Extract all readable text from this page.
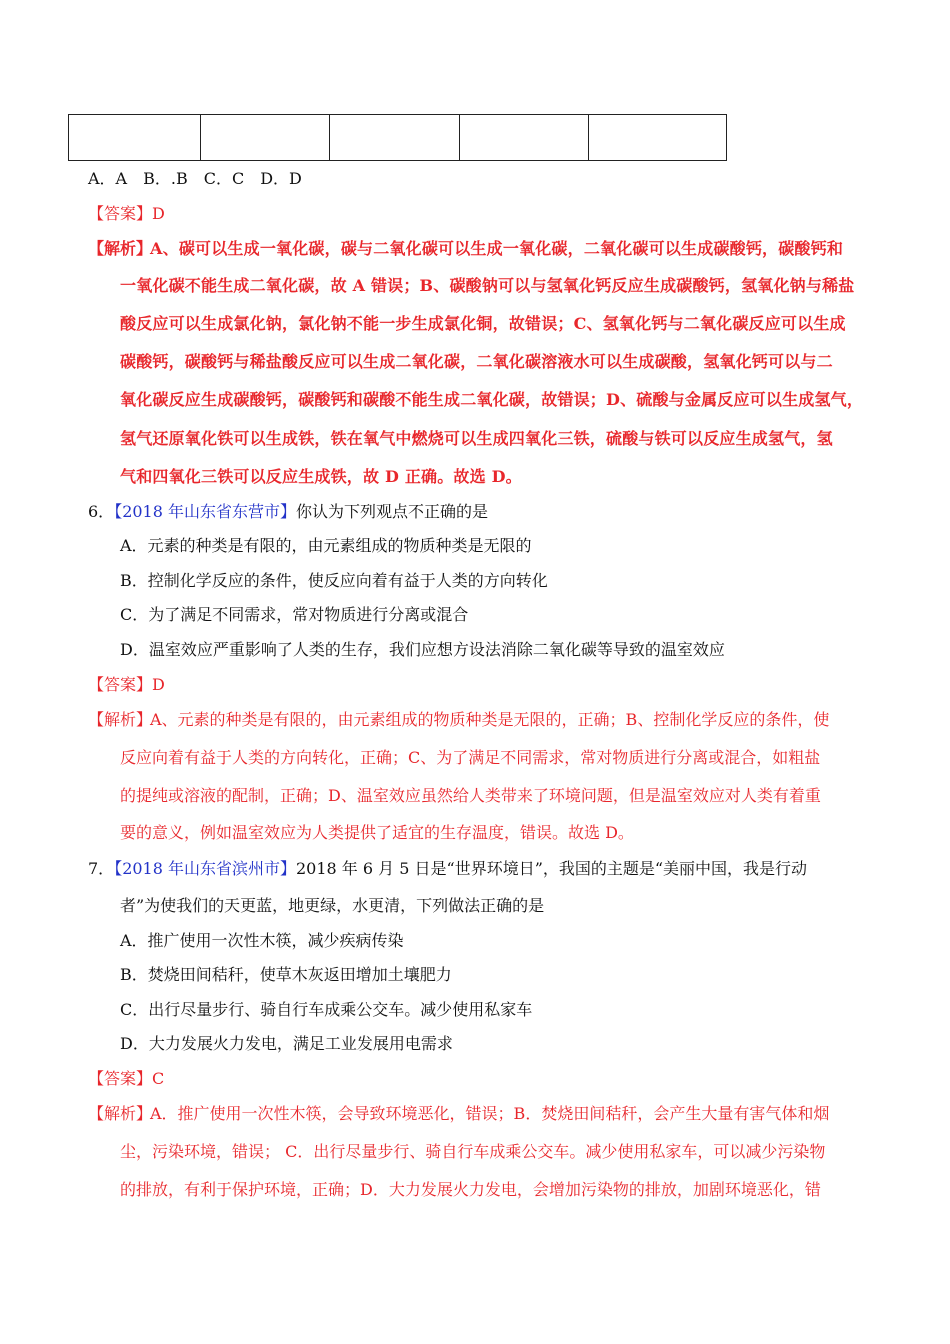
A．A　B．.B　C．C　D．D
【答案】D
【解析】
A、碳可以生成一氧化碳，碳与二氧化碳可以生成一氧化碳，二氧化碳可以生成碳酸钙，碳酸钙和
一氧化碳不能生成二氧化碳，故 A 错误；B、碳酸钠可以与氢氧化钙反应生成碳酸钙，氢氧化钠与稀盐
酸反应可以生成氯化钠，氯化钠不能一步生成氯化铜，故错误；C、氢氧化钙与二氧化碳反应可以生成
碳酸钙，碳酸钙与稀盐酸反应可以生成二氧化碳，二氧化碳溶液水可以生成碳酸，氢氧化钙可以与二
氧化碳反应生成碳酸钙，碳酸钙和碳酸不能生成二氧化碳，故错误；D、硫酸与金属反应可以生成氢气，
氢气还原氧化铁可以生成铁，铁在氧气中燃烧可以生成四氧化三铁，硫酸与铁可以反应生成氢气，氢
气和四氧化三铁可以反应生成铁，故 D 正确。故选 D。
6．【2018 年山东省东营市】你认为下列观点不正确的是
A．元素的种类是有限的，由元素组成的物质种类是无限的
B．控制化学反应的条件，使反应向着有益于人类的方向转化
C．为了满足不同需求，常对物质进行分离或混合
D．温室效应严重影响了人类的生存，我们应想方设法消除二氧化碳等导致的温室效应
【答案】D
【解析】
A、元素的种类是有限的，由元素组成的物质种类是无限的，正确；B、控制化学反应的条件，使
反应向着有益于人类的方向转化，正确；C、为了满足不同需求，常对物质进行分离或混合，如粗盐
的提纯或溶液的配制，正确；D、温室效应虽然给人类带来了环境问题，但是温室效应对人类有着重
要的意义，例如温室效应为人类提供了适宜的生存温度，错误。故选 D。
7．【2018 年山东省滨州市】2018 年 6 月 5 日是“世界环境日”，我国的主题是“美丽中国，我是行动
者”为使我们的天更蓝，地更绿，水更清，下列做法正确的是
A．推广使用一次性木筷，减少疾病传染
B．焚烧田间秸秆，使草木灰返田增加土壤肥力
C．出行尽量步行、骑自行车成乘公交车。减少使用私家车
D．大力发展火力发电，满足工业发展用电需求
【答案】C
【解析】
A．推广使用一次性木筷，会导致环境恶化，错误；B．焚烧田间秸秆，会产生大量有害气体和烟
尘，污染环境，错误； C．出行尽量步行、骑自行车成乘公交车。减少使用私家车，可以减少污染物
的排放，有利于保护环境，正确；D．大力发展火力发电，会增加污染物的排放，加剧环境恶化，错
